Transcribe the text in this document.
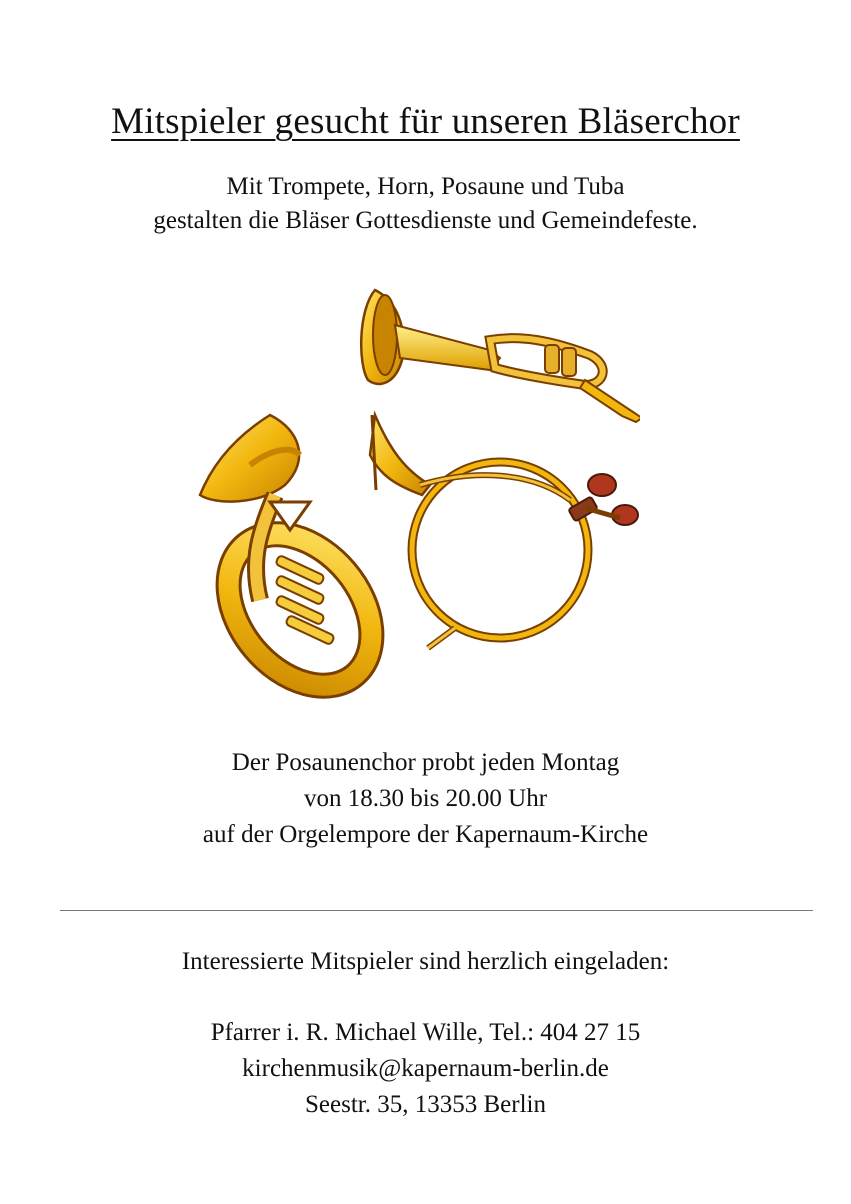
Mitspieler gesucht für unseren Bläserchor
Mit Trompete, Horn, Posaune und Tuba
gestalten die Bläser Gottesdienste und Gemeindefeste.
Der Posaunenchor probt jeden Montag
von 18.30 bis 20.00 Uhr
auf der Orgelempore der Kapernaum-Kirche
Interessierte Mitspieler sind herzlich eingeladen:
Pfarrer i. R. Michael Wille, Tel.: 404 27 15
kirchenmusik@kapernaum-berlin.de
Seestr. 35, 13353 Berlin
